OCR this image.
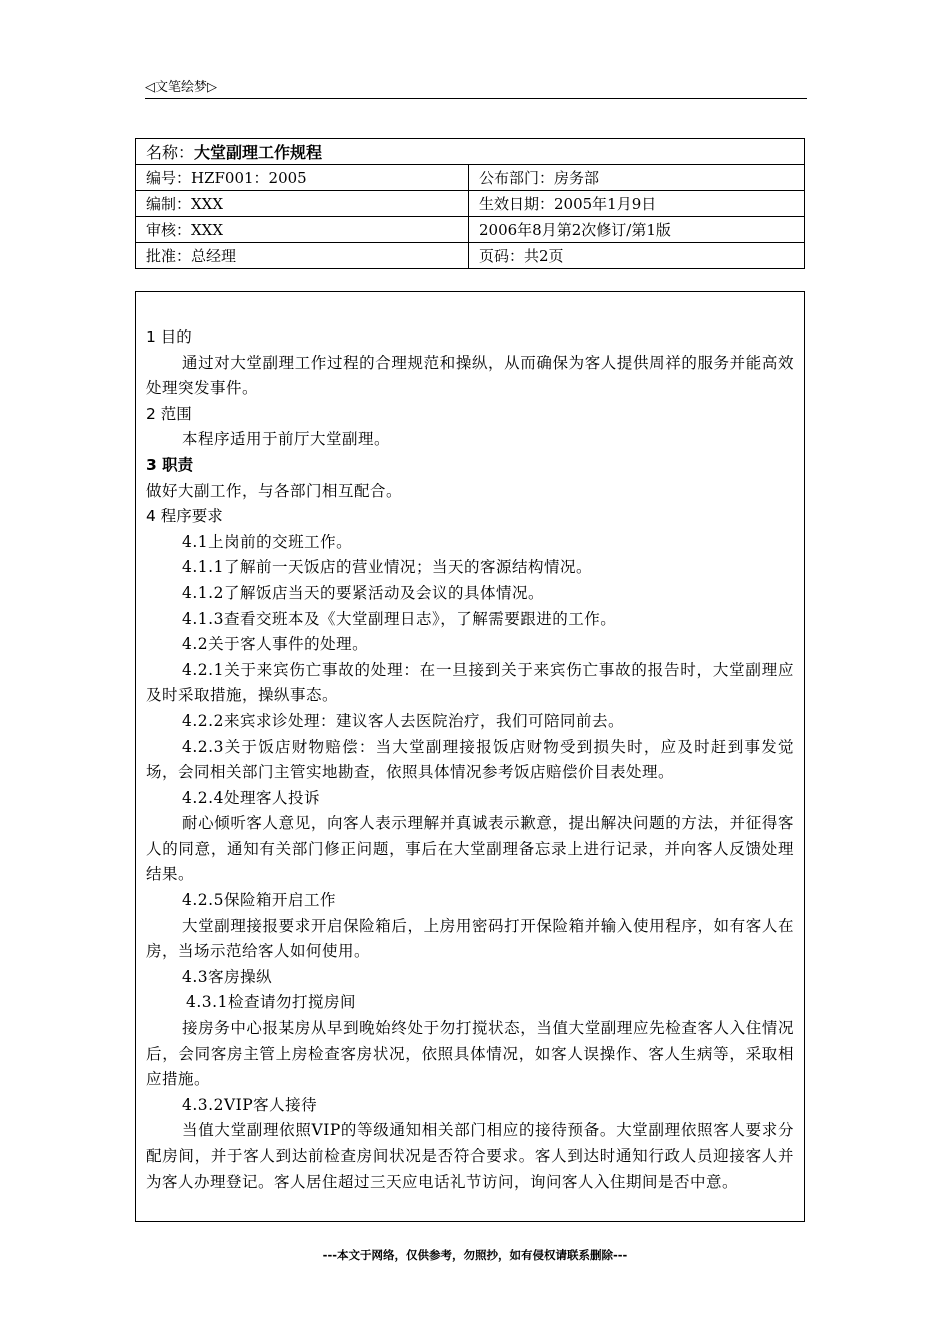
◁文笔绘梦▷
名称：大堂副理工作规程	
编号：HZF001：2005	公布部门：房务部
编制：XXX	生效日期：2005年1月9日
审核：XXX	2006年8月第2次修订/第1版
批准：总经理	页码：共2页

1 目的

通过对大堂副理工作过程的合理规范和操纵，从而确保为客人提供周祥的服务并能高效处理突发事件。

2 范围

本程序适用于前厅大堂副理。

3 职责

做好大副工作，与各部门相互配合。

4 程序要求

4.1上岗前的交班工作。

4.1.1了解前一天饭店的营业情况；当天的客源结构情况。

4.1.2了解饭店当天的要紧活动及会议的具体情况。

4.1.3查看交班本及《大堂副理日志》，了解需要跟进的工作。

4.2关于客人事件的处理。

4.2.1关于来宾伤亡事故的处理：在一旦接到关于来宾伤亡事故的报告时，大堂副理应及时采取措施，操纵事态。

4.2.2来宾求诊处理：建议客人去医院治疗，我们可陪同前去。

4.2.3关于饭店财物赔偿：当大堂副理接报饭店财物受到损失时，应及时赶到事发觉场，会同相关部门主管实地勘查，依照具体情况参考饭店赔偿价目表处理。

4.2.4处理客人投诉

耐心倾听客人意见，向客人表示理解并真诚表示歉意，提出解决问题的方法，并征得客人的同意，通知有关部门修正问题，事后在大堂副理备忘录上进行记录，并向客人反馈处理结果。

4.2.5保险箱开启工作

大堂副理接报要求开启保险箱后，上房用密码打开保险箱并输入使用程序，如有客人在房，当场示范给客人如何使用。

4.3客房操纵

4.3.1检查请勿打搅房间

接房务中心报某房从早到晚始终处于勿打搅状态，当值大堂副理应先检查客人入住情况后，会同客房主管上房检查客房状况，依照具体情况，如客人误操作、客人生病等，采取相应措施。

4.3.2VIP客人接待

当值大堂副理依照VIP的等级通知相关部门相应的接待预备。大堂副理依照客人要求分配房间，并于客人到达前检查房间状况是否符合要求。客人到达时通知行政人员迎接客人并为客人办理登记。客人居住超过三天应电话礼节访问，询问客人入住期间是否中意。

---本文于网络，仅供参考，勿照抄，如有侵权请联系删除---
